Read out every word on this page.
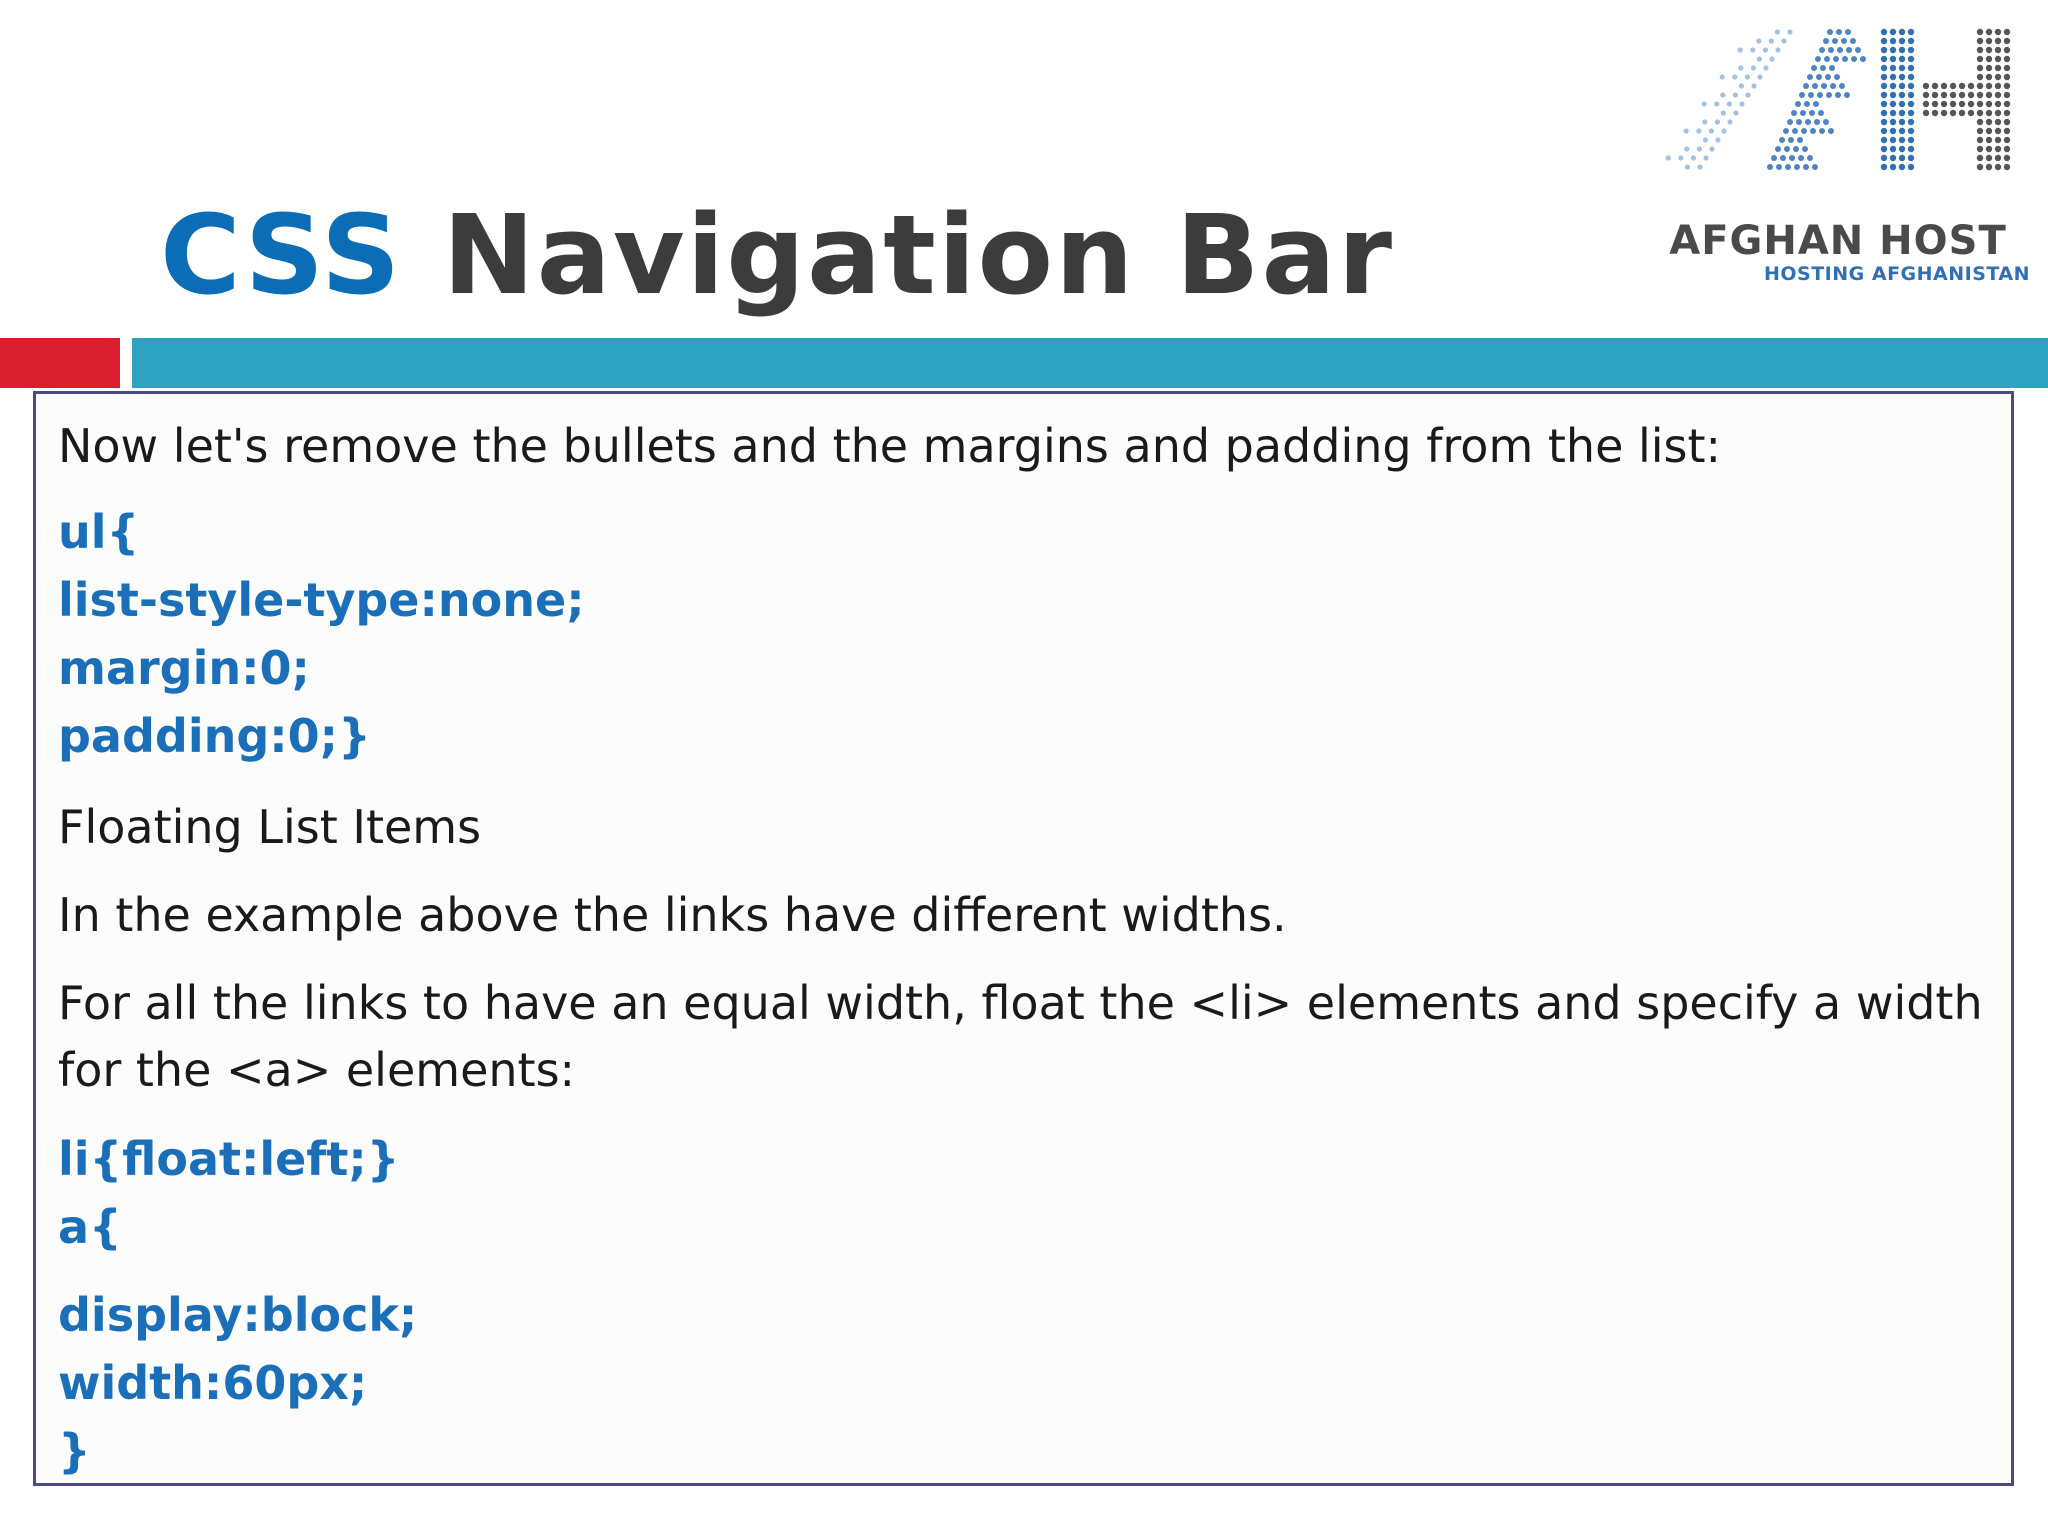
CSS Navigation Bar	AFGHAN HOST
HOSTING AFGHANISTAN

Now let's remove the bullets and the margins and padding from the list:

ul{

list-style-type:none;

margin:0;

padding:0;}

Floating List Items

In the example above the links have different widths.

For all the links to have an equal width, float the <li> elements and specify a width

for the <a> elements:

li{float:left;}

a{

display:block;

width:60px;

}
